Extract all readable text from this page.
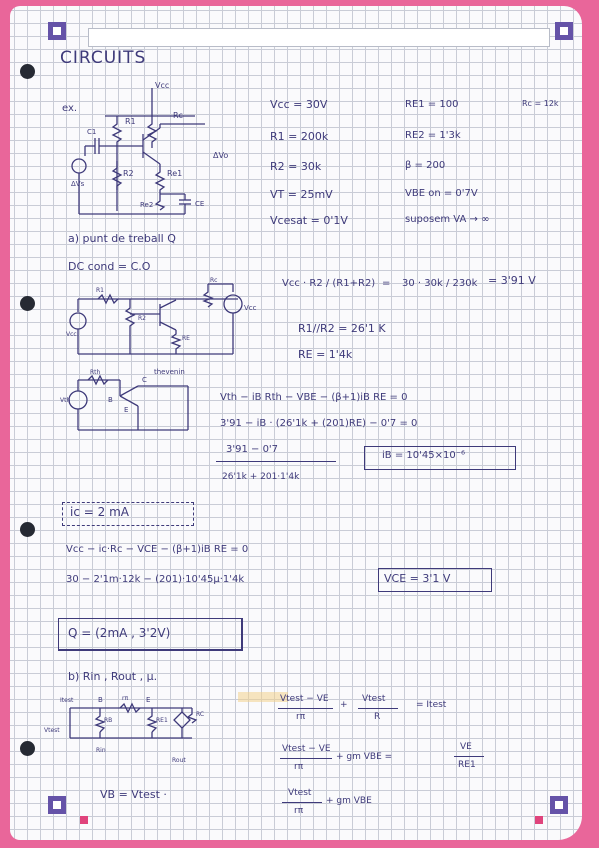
CIRCUITS
ex.
Vcc
R1
Rc
C1
R2	Re1
Re2	CE
ΔVs
ΔVo
Vcc = 30V
R1 = 200k
R2 = 30k
VT = 25mV
Vcesat = 0'1V
RE1 = 100
RE2 = 1'3k
β = 200
VBE on = 0'7V
suposem VA → ∞
Rc = 12k
a) punt de treball Q
DC cond = C.O
R1
Rc
R2
RE
Vcc
Vcc
Vcc · R2 / (R1+R2) = 30 · 30k / 230k = 3'91 V
R1//R2 = 26'1 K
RE = 1'4k
Rth
Vth
thevenin
B
E
C
Vth − iB Rth − VBE − (β+1)iB RE = 0
3'91 − iB · (26'1k + (201)RE) − 0'7 = 0
3'91 − 0'7
26'1k + 201·1'4k
iB = 10'45×10⁻⁶
ic = 2 mA
Vcc − ic·Rc − VCE − (β+1)iB RE = 0
30 − 2'1m·12k − (201)·10'45μ·1'4k	VCE = 3'1 V
Q = (2mA , 3'2V)
b) Rin , Rout , μ.
Itest	B	rπ	E
RB	RE1
RC
Vtest
Rin
Rout
Vtest − VE
rπ
+
Vtest
R
= Itest
Vtest − VE
rπ
+ gm VBE =
VE
RE1
Vtest
rπ
+ gm VBE
VB = Vtest ·
